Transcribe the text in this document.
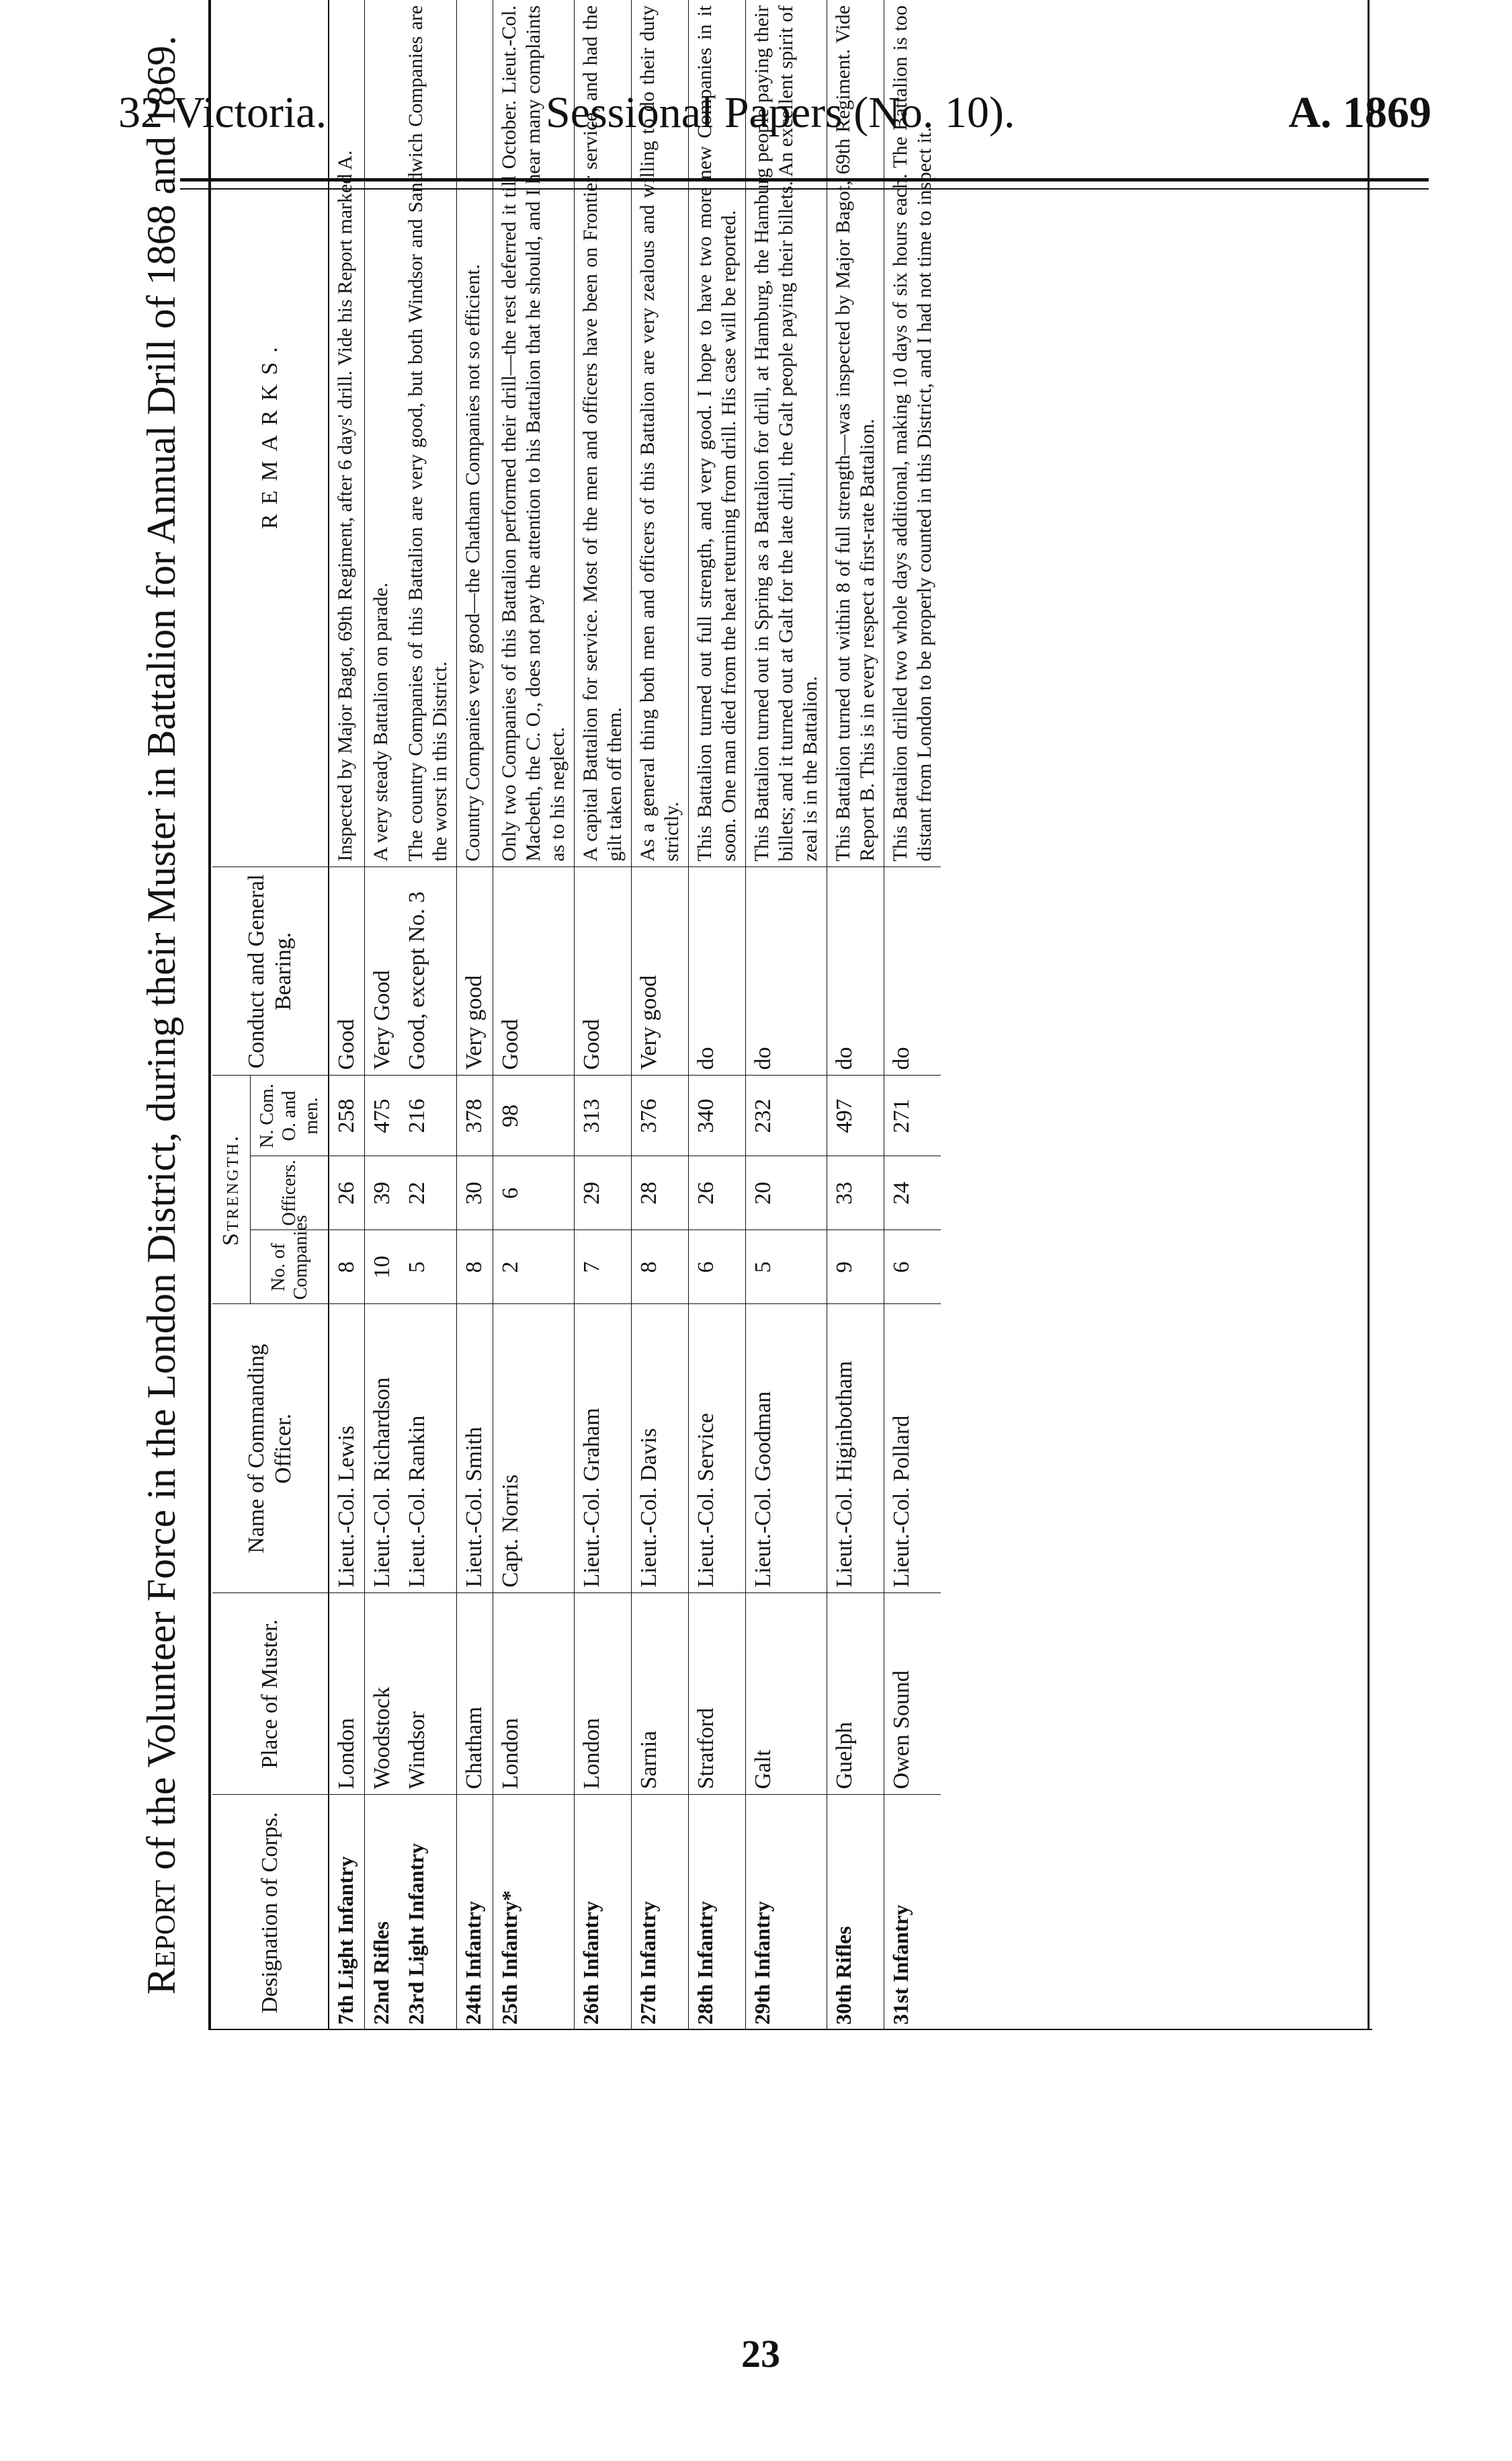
32 Victoria.	Sessional Papers (No. 10).	A. 1869
Report of the Volunteer Force in the London District, during their Muster in Battalion for Annual Drill of 1868 and 1869.
Designation of Corps.	Place of Muster.	Name of Commanding Officer.	Strength.			Conduct and General Bearing.	REMARKS.
			No. of Companies	Officers.	N. Com. O. and men.		
7th Light Infantry	London	Lieut.-Col. Lewis	8	26	258	Good	Inspected by Major Bagot, 69th Regiment, after 6 days' drill. Vide his Report marked A.
22nd Rifles	Woodstock	Lieut.-Col. Richardson	10	39	475	Very Good	A very steady Battalion on parade.
23rd Light Infantry	Windsor	Lieut.-Col. Rankin	5	22	216	Good, except No. 3	The country Companies of this Battalion are very good, but both Windsor and Sandwich Companies are the worst in this District.
24th Infantry	Chatham	Lieut.-Col. Smith	8	30	378	Very good	Country Companies very good—the Chatham Companies not so efficient.
25th Infantry*	London	Capt. Norris	2	6	98	Good	Only two Companies of this Battalion performed their drill—the rest deferred it till October. Lieut.-Col. Macbeth, the C. O., does not pay the attention to his Battalion that he should, and I hear many complaints as to his neglect.
26th Infantry	London	Lieut.-Col. Graham	7	29	313	Good	A capital Battalion for service. Most of the men and officers have been on Frontier service, and had the gilt taken off them.
27th Infantry	Sarnia	Lieut.-Col. Davis	8	28	376	Very good	As a general thing both men and officers of this Battalion are very zealous and willing to do their duty strictly.
28th Infantry	Stratford	Lieut.-Col. Service	6	26	340	do	This Battalion turned out full strength, and very good. I hope to have two more new Companies in it soon. One man died from the heat returning from drill. His case will be reported.
29th Infantry	Galt	Lieut.-Col. Goodman	5	20	232	do	This Battalion turned out in Spring as a Battalion for drill, at Hamburg, the Hamburg people paying their billets; and it turned out at Galt for the late drill, the Galt people paying their billets. An excellent spirit of zeal is in the Battalion.
30th Rifles	Guelph	Lieut.-Col. Higinbotham	9	33	497	do	This Battalion turned out within 8 of full strength—was inspected by Major Bagot, 69th Regiment. Vide Report B. This is in every respect a first-rate Battalion.
31st Infantry	Owen Sound	Lieut.-Col. Pollard	6	24	271	do	This Battalion drilled two whole days additional, making 10 days of six hours each. The Battalion is too distant from London to be properly counted in this District, and I had not time to inspect it.
23
